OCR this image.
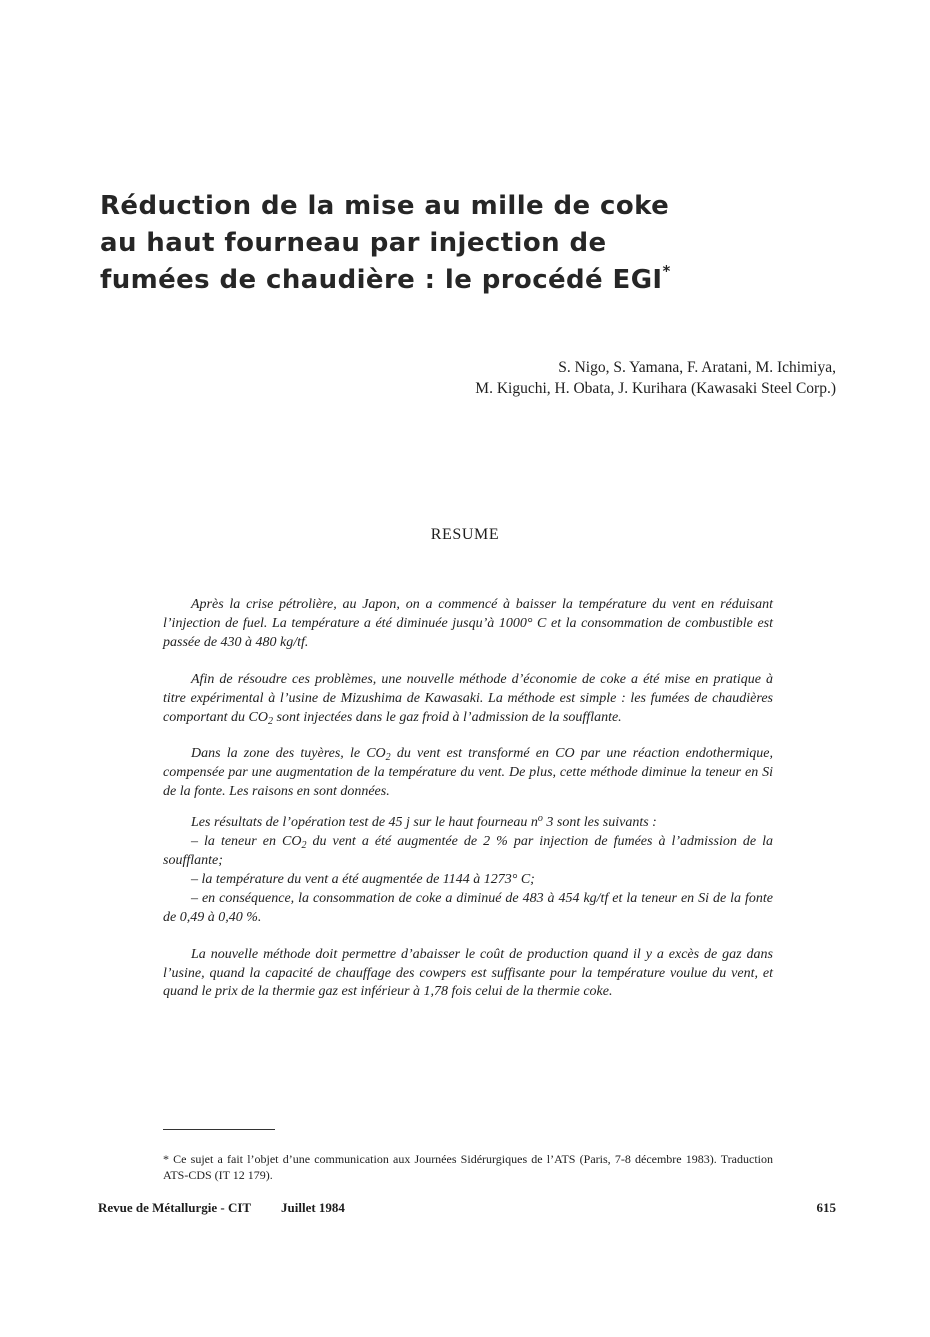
Réduction de la mise au mille de coke
au haut fourneau par injection de
fumées de chaudière : le procédé EGI*
S. Nigo, S. Yamana, F. Aratani, M. Ichimiya,
M. Kiguchi, H. Obata, J. Kurihara (Kawasaki Steel Corp.)
RESUME

Après la crise pétrolière, au Japon, on a commencé à baisser la température du vent en réduisant l’injection de fuel. La température a été diminuée jusqu’à 1000° C et la consommation de combustible est passée de 430 à 480 kg/tf.

Afin de résoudre ces problèmes, une nouvelle méthode d’économie de coke a été mise en pratique à titre expérimental à l’usine de Mizushima de Kawasaki. La méthode est simple : les fumées de chaudières comportant du $CO_2$ sont injectées dans le gaz froid à l’admission de la soufflante.

Dans la zone des tuyères, le $CO_2$ du vent est transformé en CO par une réaction endothermique, compensée par une augmentation de la température du vent. De plus, cette méthode diminue la teneur en Si de la fonte. Les raisons en sont données.

Les résultats de l’opération test de 45 j sur le haut fourneau $n^o$ 3 sont les suivants :

– la teneur en $CO_2$ du vent a été augmentée de 2 % par injection de fumées à l’admission de la soufflante;

– la température du vent a été augmentée de 1144 à 1273° C;

– en conséquence, la consommation de coke a diminué de 483 à 454 kg/tf et la teneur en Si de la fonte de 0,49 à 0,40 %.

La nouvelle méthode doit permettre d’abaisser le coût de production quand il y a excès de gaz dans l’usine, quand la capacité de chauffage des cowpers est suffisante pour la température voulue du vent, et quand le prix de la thermie gaz est inférieur à 1,78 fois celui de la thermie coke.

* Ce sujet a fait l’objet d’une communication aux Journées Sidérurgiques de l’ATS (Paris, 7-8 décembre 1983). Traduction ATS-CDS (IT 12 179).
Revue de Métallurgie - CIT Juillet 1984	615
